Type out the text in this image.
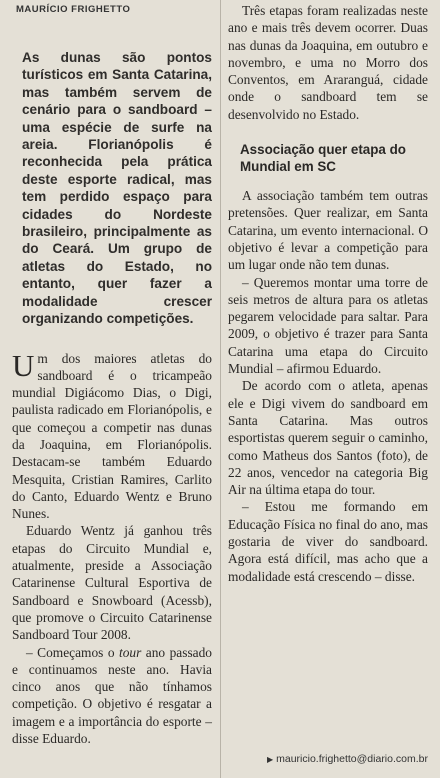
MAURÍCIO FRIGHETTO
As dunas são pontos turísticos em Santa Catarina, mas também servem de cenário para o sandboard – uma espécie de surfe na areia. Florianópolis é reconhecida pela prática deste esporte radical, mas tem perdido espaço para cidades do Nordeste brasileiro, principalmente as do Ceará. Um grupo de atletas do Estado, no entanto, quer fazer a modalidade crescer organizando competições.

Um dos maiores atletas do sandboard é o tricampeão mundial Digiácomo Dias, o Digi, paulista radicado em Florianópolis, e que começou a competir nas dunas da Joaquina, em Florianópolis. Destacam-se também Eduardo Mesquita, Cristian Ramires, Carlito do Canto, Eduardo Wentz e Bruno Nunes.

Eduardo Wentz já ganhou três etapas do Circuito Mundial e, atualmente, preside a Associação Catarinense Cultural Esportiva de Sandboard e Snowboard (Acessb), que promove o Circuito Catarinense Sandboard Tour 2008.

– Começamos o tour ano passado e continuamos neste ano. Havia cinco anos que não tínhamos competição. O objetivo é resgatar a imagem e a importância do esporte – disse Eduardo.

Três etapas foram realizadas neste ano e mais três devem ocorrer. Duas nas dunas da Joaquina, em outubro e novembro, e uma no Morro dos Conventos, em Araranguá, cidade onde o sandboard tem se desenvolvido no Estado.

Associação quer etapa do Mundial em SC

A associação também tem outras pretensões. Quer realizar, em Santa Catarina, um evento internacional. O objetivo é levar a competição para um lugar onde não tem dunas.

– Queremos montar uma torre de seis metros de altura para os atletas pegarem velocidade para saltar. Para 2009, o objetivo é trazer para Santa Catarina uma etapa do Circuito Mundial – afirmou Eduardo.

De acordo com o atleta, apenas ele e Digi vivem do sandboard em Santa Catarina. Mas outros esportistas querem seguir o caminho, como Matheus dos Santos (foto), de 22 anos, vencedor na categoria Big Air na última etapa do tour.

– Estou me formando em Educação Física no final do ano, mas gostaria de viver do sandboard. Agora está difícil, mas acho que a modalidade está crescendo – disse.

▶ mauricio.frighetto@diario.com.br
